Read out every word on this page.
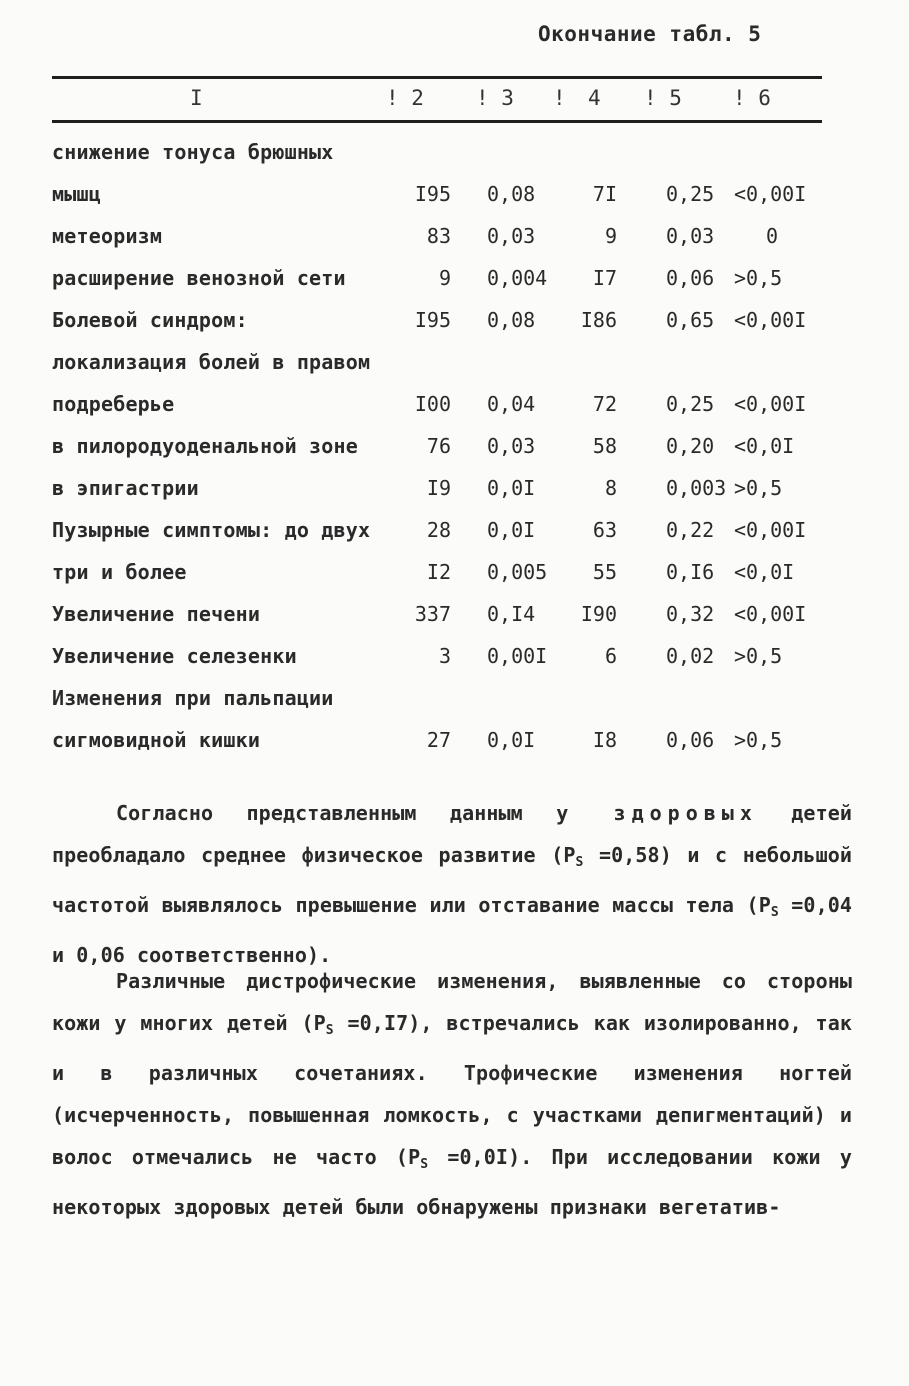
Окончание табл. 5
I	! 2 ! 3 ! 4 ! 5 ! 6
снижение тонуса брюшных
мышц	I95 0,08	7I 0,25 <0,00I
метеоризм	83 0,03	9 0,03	0
расширение венозной сети	9 0,004	I7 0,06 >0,5
Болевой синдром:	I95 0,08	I86 0,65 <0,00I
локализация болей в правом
подреберье	I00 0,04	72 0,25 <0,00I
в пилородуоденальной зоне	76 0,03	58 0,20 <0,0I
в эпигастрии	I9 0,0I	8 0,003 >0,5
Пузырные симптомы: до двух	28 0,0I	63 0,22 <0,00I
три и более	I2 0,005	55 0,I6 <0,0I
Увеличение печени	337 0,I4	I90 0,32 <0,00I
Увеличение селезенки	3 0,00I	6 0,02 >0,5
Изменения при пальпации
сигмовидной кишки	27 0,0I	I8 0,06 >0,5

Согласно представленным данным у здоровых детей преобладало среднее физическое развитие $(P_S =0,58)$ и с небольшой частотой выявлялось превышение или отставание массы тела ($P_S =0,04$ и 0,06 соответственно).

Различные дистрофические изменения, выявленные со стороны кожи у многих детей $(P_S =0,I7)$, встречались как изолированно, так и в различных сочетаниях. Трофические изменения ногтей (исчерченность, повышенная ломкость, с участками депигментаций) и волос отмечались не часто $(P_S =0,0I)$. При исследовании кожи у некоторых здоровых детей были обнаружены признаки вегетатив-
